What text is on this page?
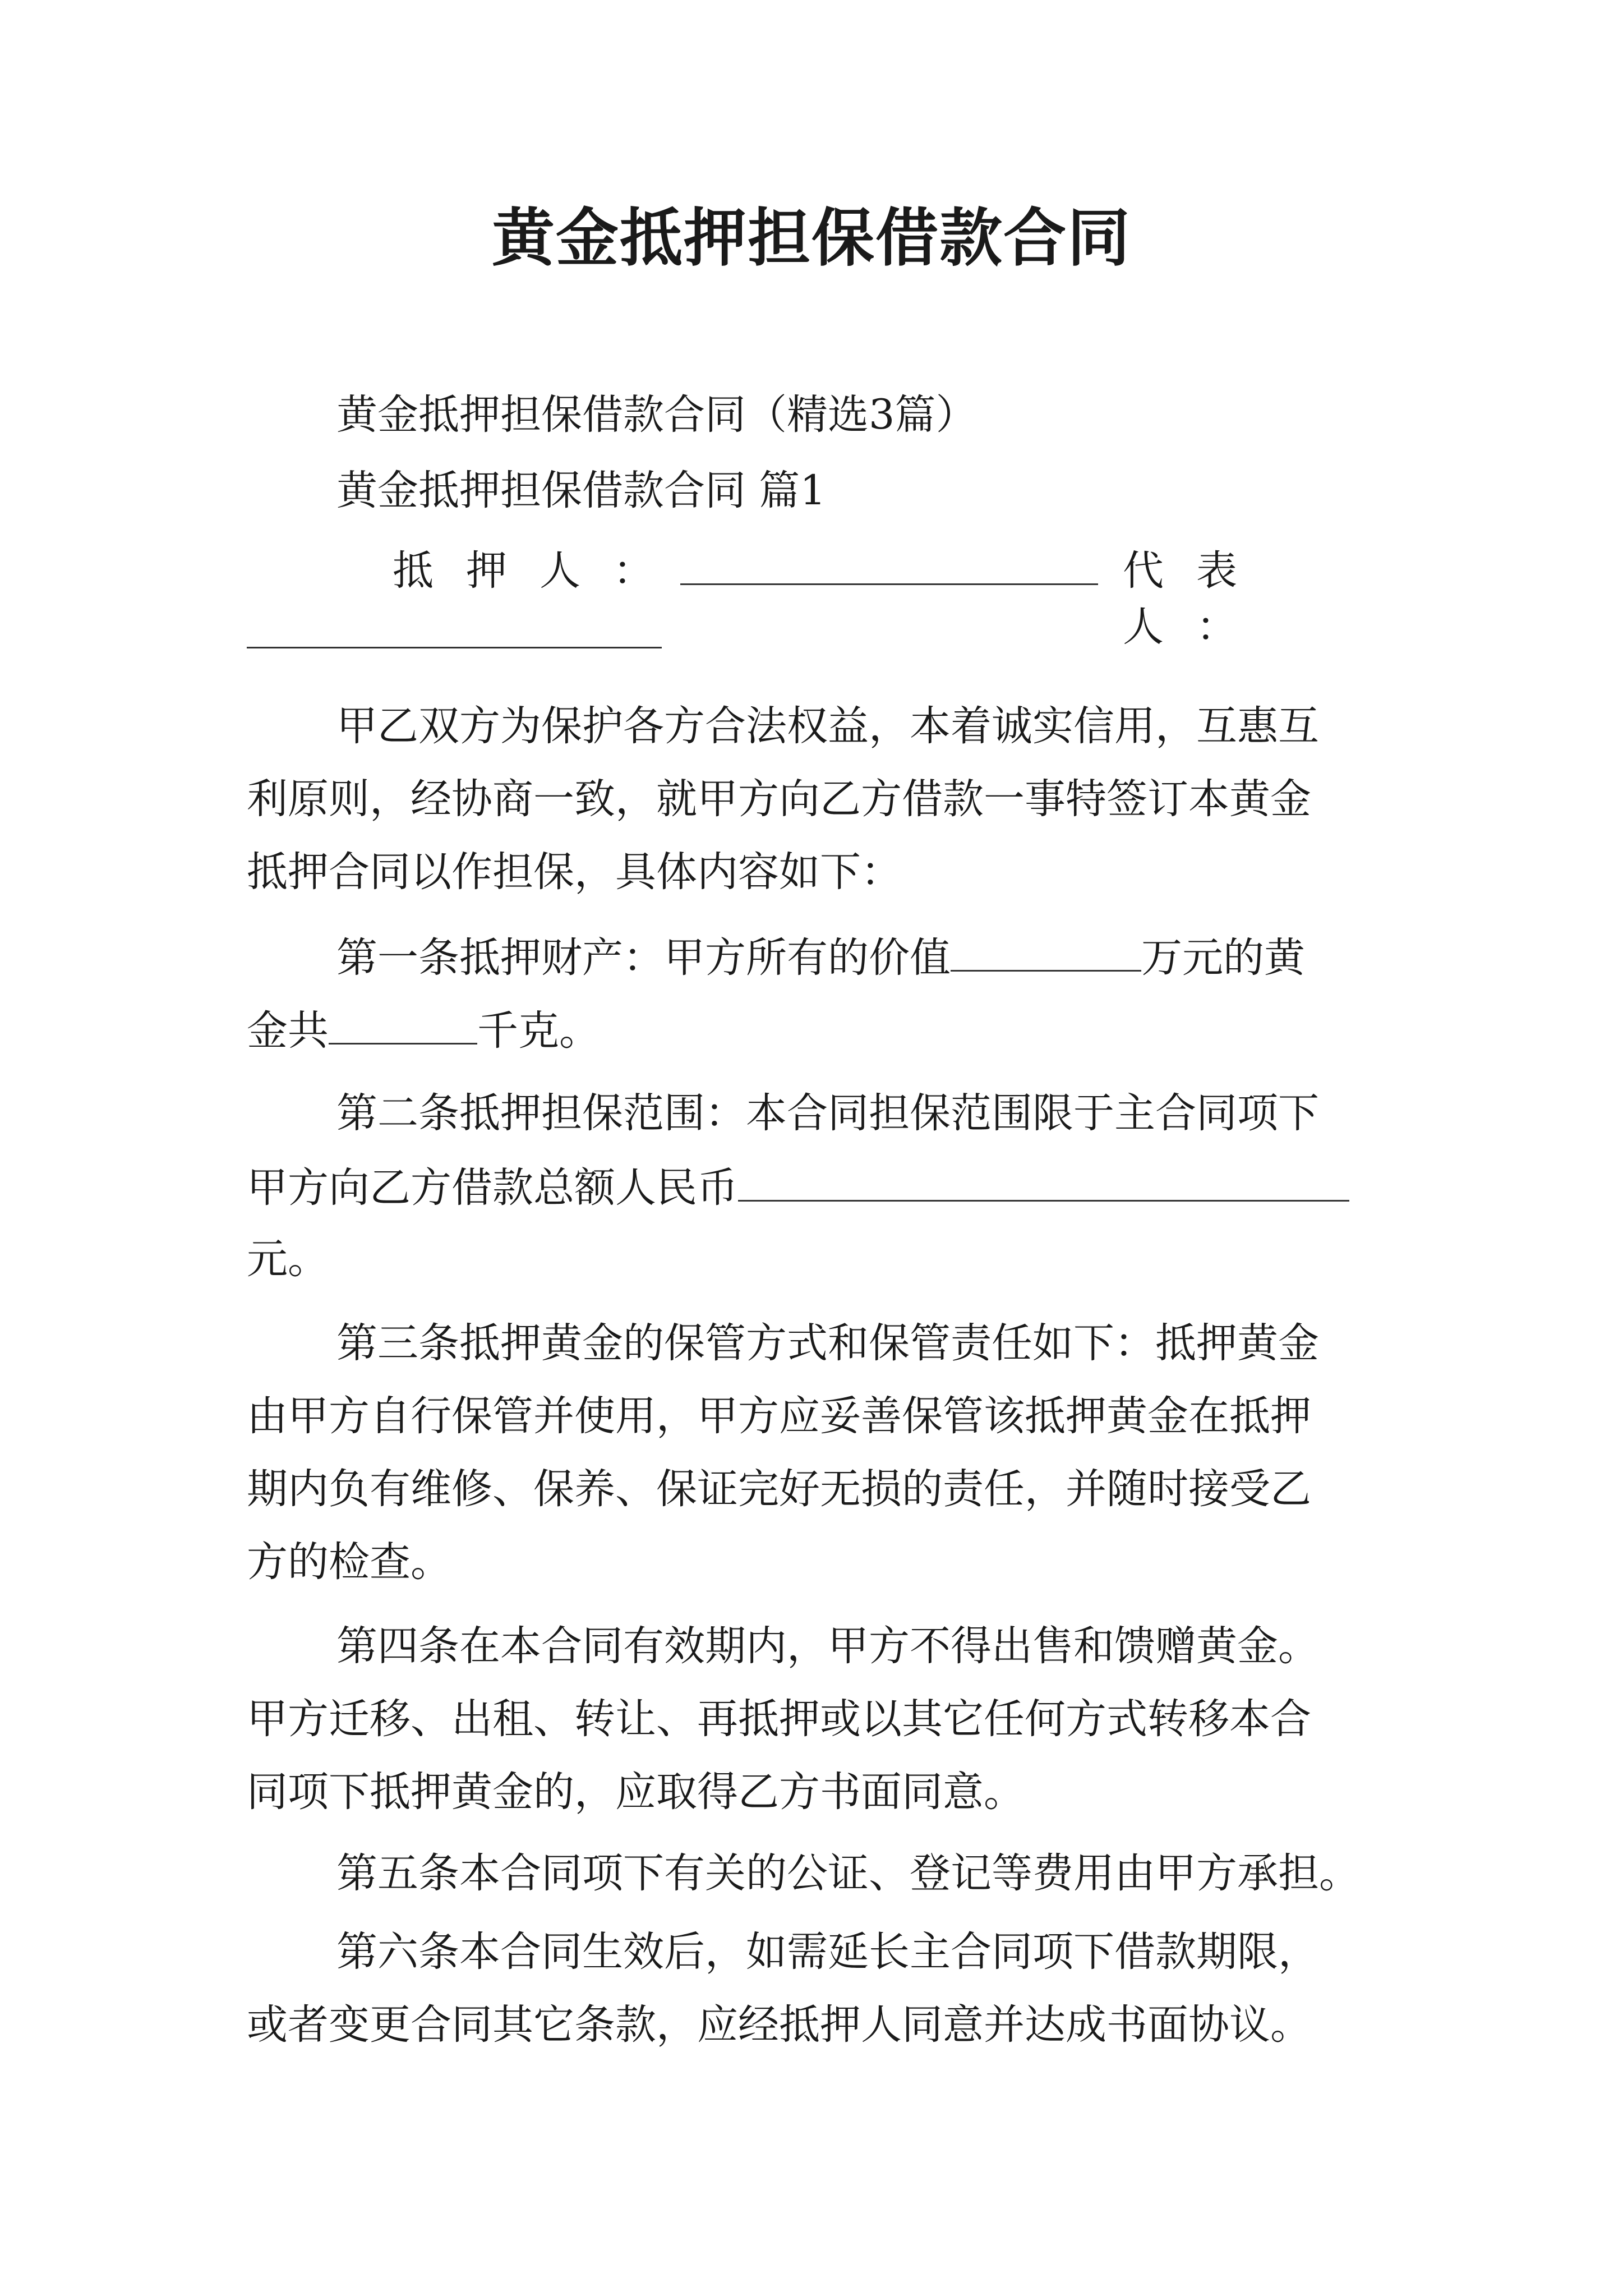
黄金抵押担保借款合同
黄金抵押担保借款合同（精选3篇）
黄金抵押担保借款合同 篇1
抵押人：	代表人：
甲乙双方为保护各方合法权益，本着诚实信用，互惠互
利原则，经协商一致，就甲方向乙方借款一事特签订本黄金
抵押合同以作担保，具体内容如下：
第一条抵押财产：甲方所有的价值	万元的黄
金共	千克。
第二条抵押担保范围：本合同担保范围限于主合同项下
甲方向乙方借款总额人民币
元。
第三条抵押黄金的保管方式和保管责任如下：抵押黄金
由甲方自行保管并使用，甲方应妥善保管该抵押黄金在抵押
期内负有维修、保养、保证完好无损的责任，并随时接受乙
方的检查。
第四条在本合同有效期内，甲方不得出售和馈赠黄金。
甲方迁移、出租、转让、再抵押或以其它任何方式转移本合
同项下抵押黄金的，应取得乙方书面同意。
第五条本合同项下有关的公证、登记等费用由甲方承担。
第六条本合同生效后，如需延长主合同项下借款期限，
或者变更合同其它条款，应经抵押人同意并达成书面协议。
